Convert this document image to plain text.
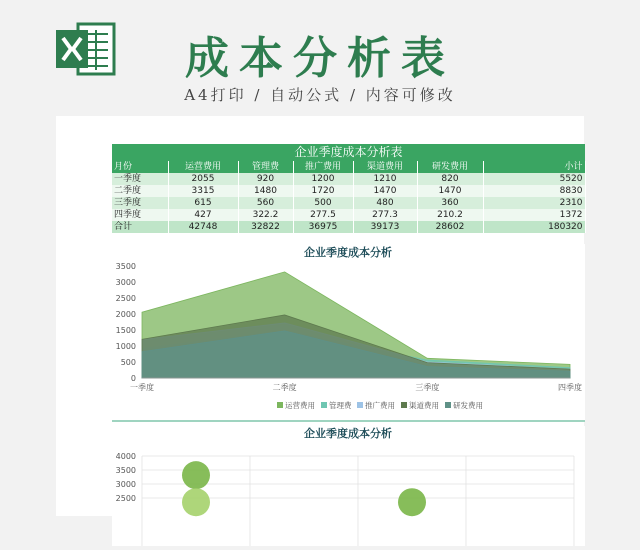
成本分析表
A4打印 / 自动公式 / 内容可修改
企业季度成本分析表
月份	运营费用	管理费	推广费用	渠道费用	研发费用	小计
一季度	2055	920	1200	1210	820	5520
二季度	3315	1480	1720	1470	1470	8830
三季度	615	560	500	480	360	2310
四季度	427	322.2	277.5	277.3	210.2	1372
合计	42748	32822	36975	39173	28602	180320
企业季度成本分析
0
500
1000
1500
2000
2500
3000
3500
一季度	二季度	三季度	四季度
运营费用 管理费 推广费用 渠道费用 研发费用
企业季度成本分析
2500
3000
3500
4000
